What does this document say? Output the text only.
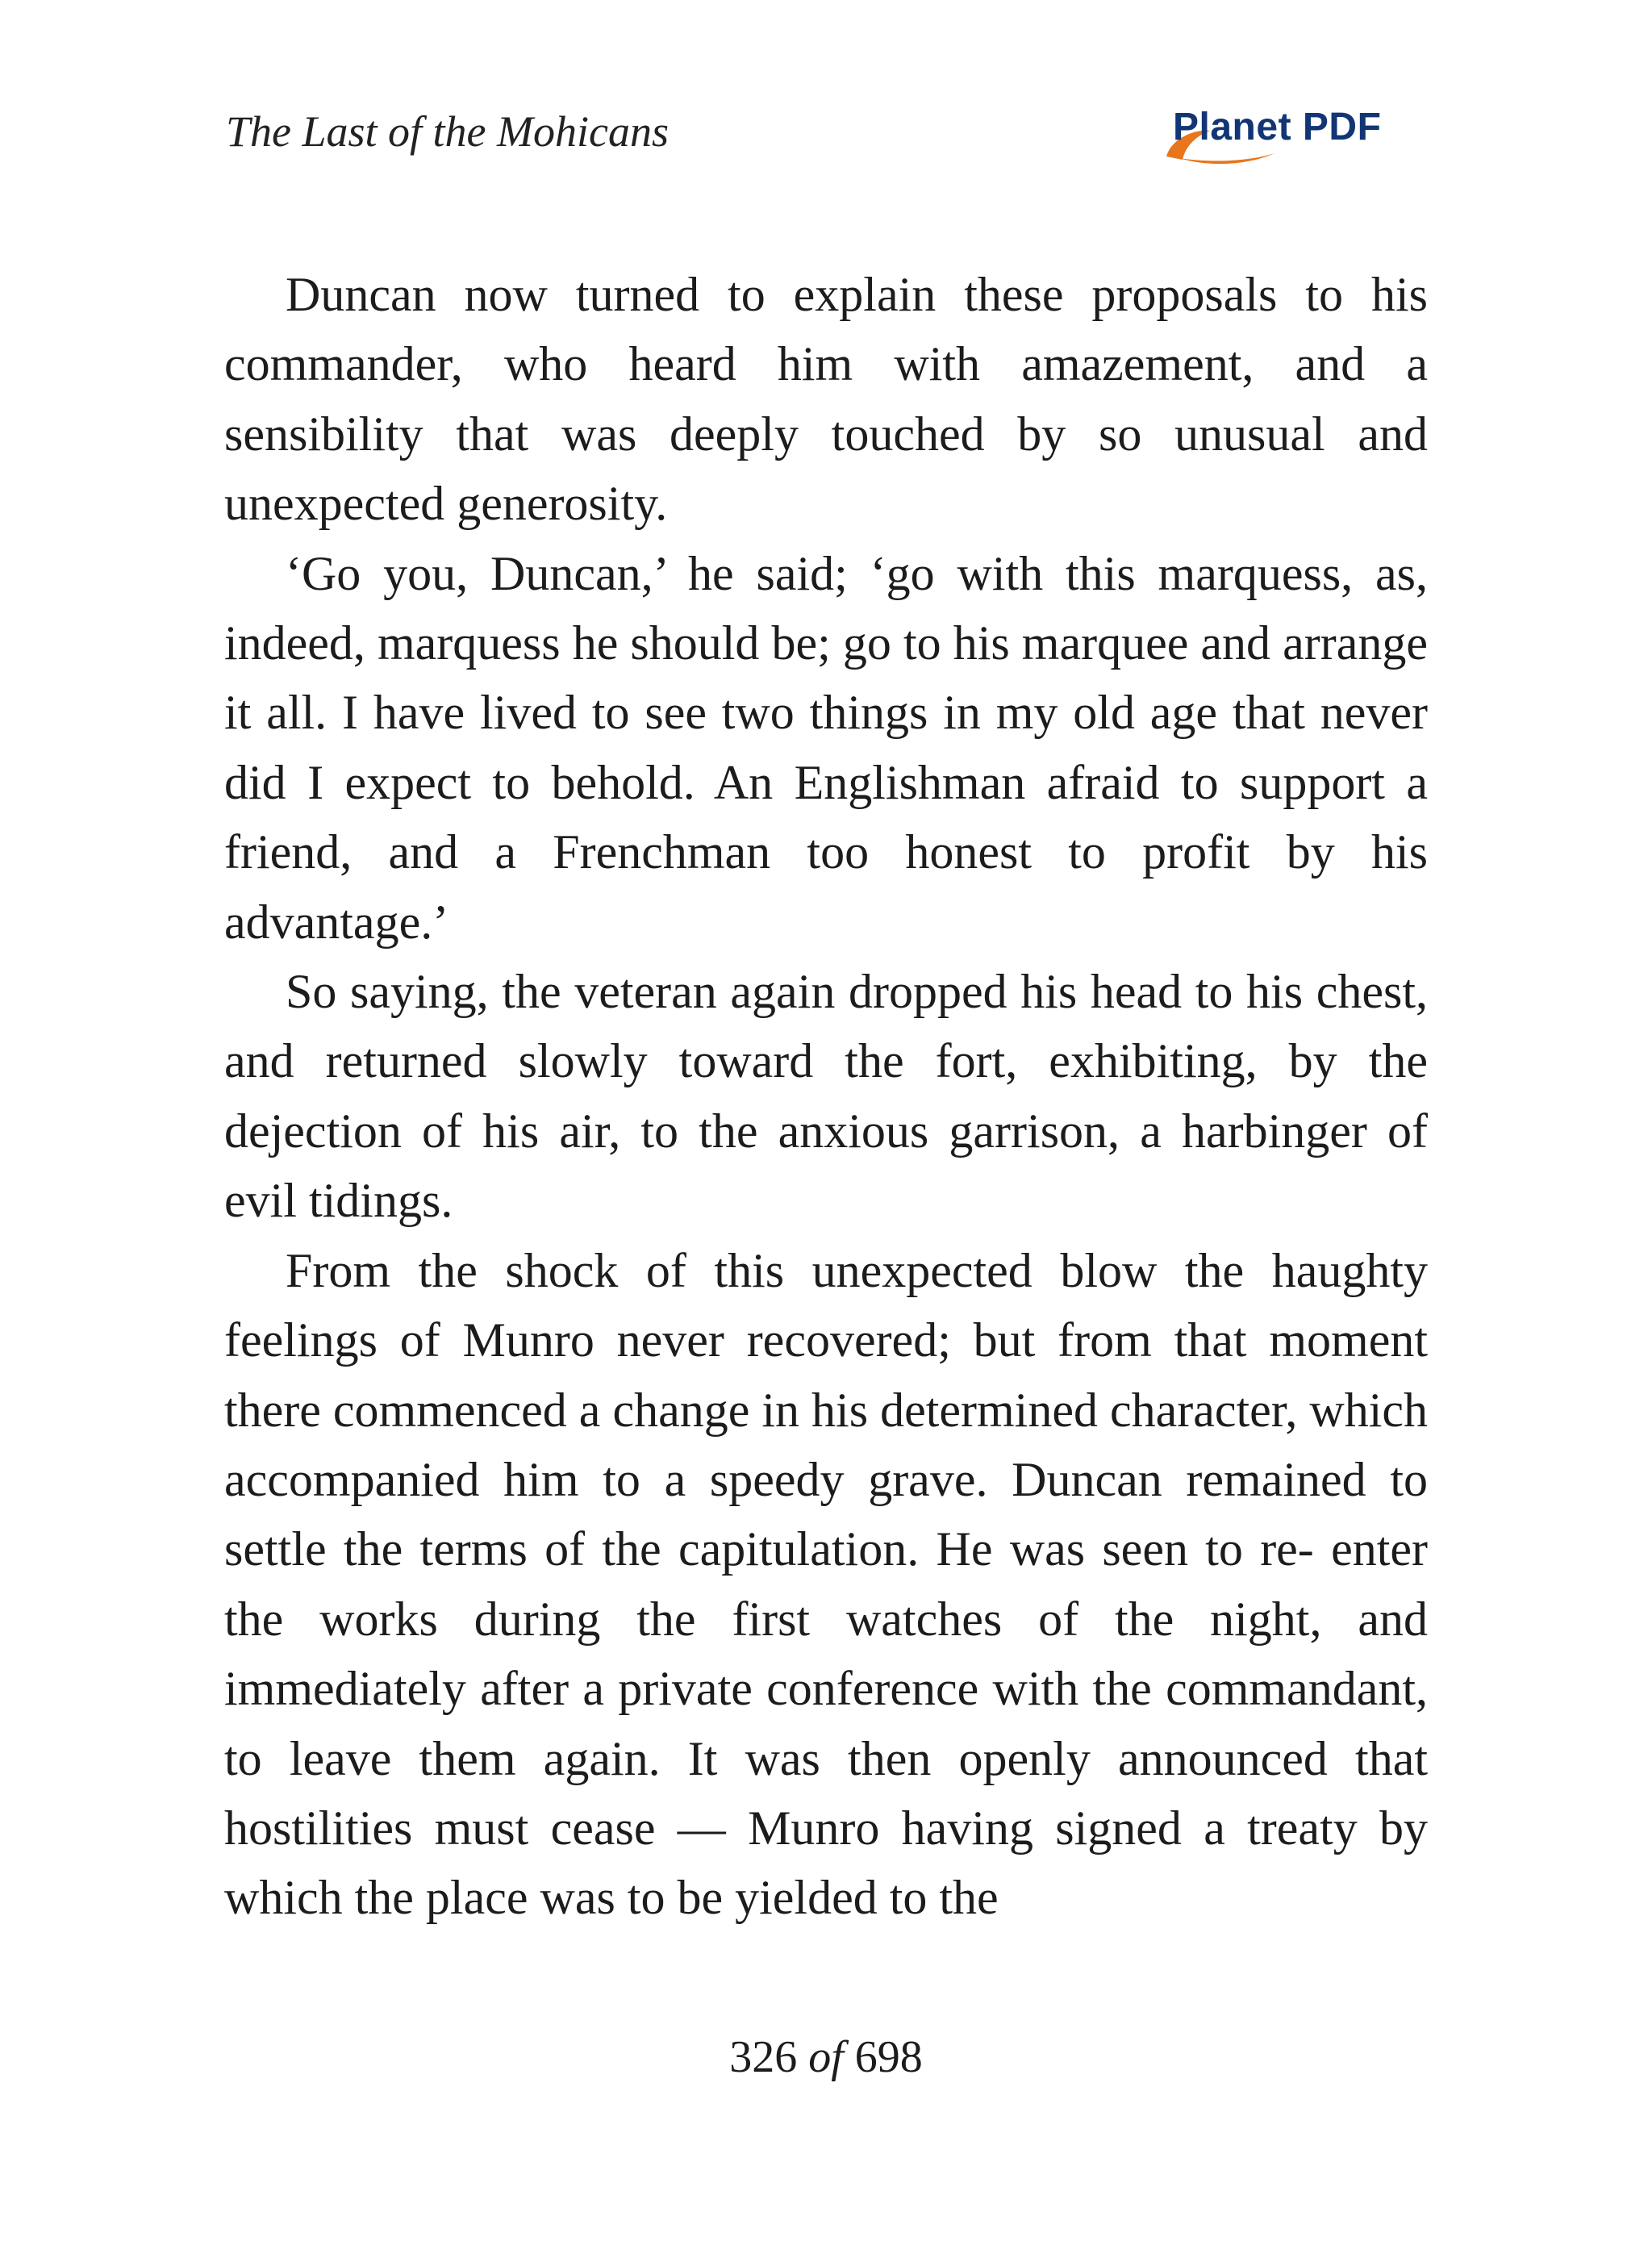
The Last of the Mohicans	Planet PDF

Duncan now turned to explain these proposals to his commander, who heard him with amazement, and a sensibility that was deeply touched by so unusual and unexpected generosity.

‘Go you, Duncan,’ he said; ‘go with this marquess, as, indeed, marquess he should be; go to his marquee and arrange it all. I have lived to see two things in my old age that never did I expect to behold. An Englishman afraid to support a friend, and a Frenchman too honest to profit by his advantage.’

So saying, the veteran again dropped his head to his chest, and returned slowly toward the fort, exhibiting, by the dejection of his air, to the anxious garrison, a harbinger of evil tidings.

From the shock of this unexpected blow the haughty feelings of Munro never recovered; but from that moment there commenced a change in his determined character, which accompanied him to a speedy grave. Duncan remained to settle the terms of the capitulation. He was seen to re- enter the works during the first watches of the night, and immediately after a private conference with the commandant, to leave them again. It was then openly announced that hostilities must cease — Munro having signed a treaty by which the place was to be yielded to the

326 of 698
